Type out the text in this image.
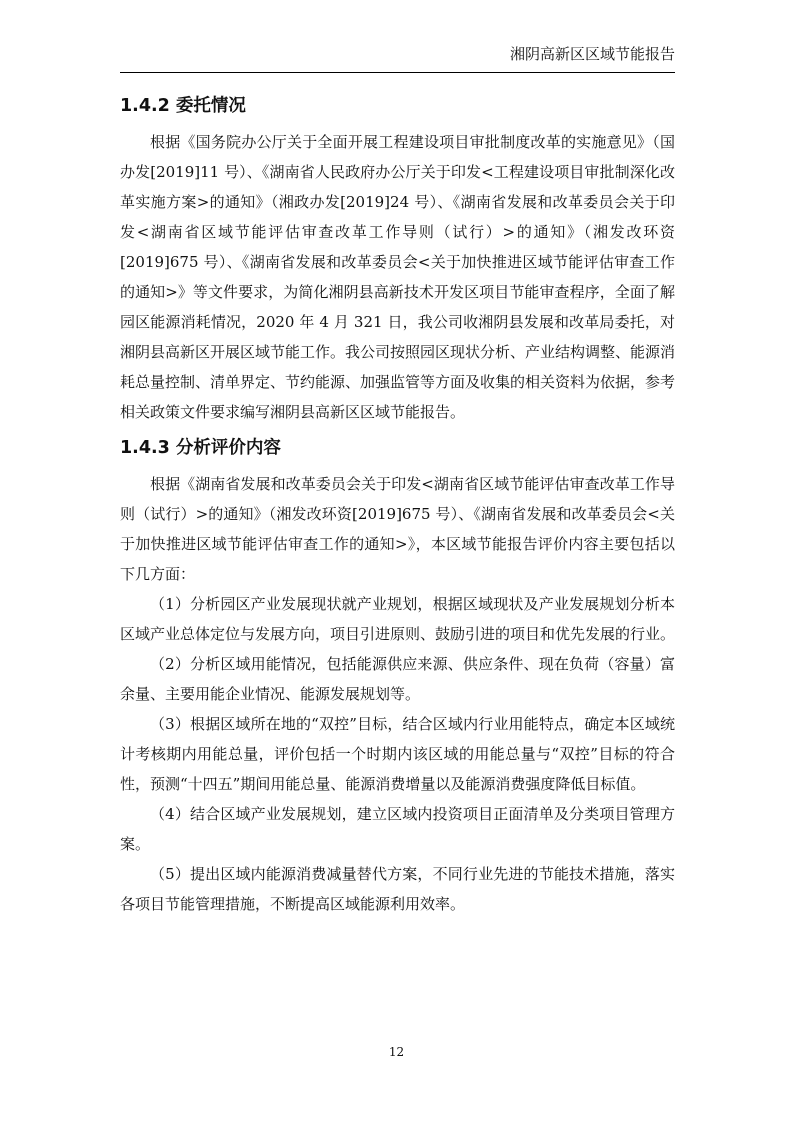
湘阴高新区区域节能报告
1.4.2 委托情况

根据《国务院办公厅关于全面开展工程建设项目审批制度改革的实施意见》（国办发[2019]11 号）、《湖南省人民政府办公厅关于印发<工程建设项目审批制深化改革实施方案>的通知》（湘政办发[2019]24 号）、《湖南省发展和改革委员会关于印发<湖南省区域节能评估审查改革工作导则（试行）>的通知》（湘发改环资[2019]675 号）、《湖南省发展和改革委员会<关于加快推进区域节能评估审查工作的通知>》等文件要求，为简化湘阴县高新技术开发区项目节能审查程序，全面了解园区能源消耗情况，2020 年 4 月 321 日，我公司收湘阴县发展和改革局委托，对湘阴县高新区开展区域节能工作。我公司按照园区现状分析、产业结构调整、能源消耗总量控制、清单界定、节约能源、加强监管等方面及收集的相关资料为依据，参考相关政策文件要求编写湘阴县高新区区域节能报告。

1.4.3 分析评价内容

根据《湖南省发展和改革委员会关于印发<湖南省区域节能评估审查改革工作导则（试行）>的通知》（湘发改环资[2019]675 号）、《湖南省发展和改革委员会<关于加快推进区域节能评估审查工作的通知>》，本区域节能报告评价内容主要包括以下几方面：

（1）分析园区产业发展现状就产业规划，根据区域现状及产业发展规划分析本区域产业总体定位与发展方向，项目引进原则、鼓励引进的项目和优先发展的行业。

（2）分析区域用能情况，包括能源供应来源、供应条件、现在负荷（容量）富余量、主要用能企业情况、能源发展规划等。

（3）根据区域所在地的“双控”目标，结合区域内行业用能特点，确定本区域统计考核期内用能总量，评价包括一个时期内该区域的用能总量与“双控”目标的符合性，预测“十四五”期间用能总量、能源消费增量以及能源消费强度降低目标值。

（4）结合区域产业发展规划，建立区域内投资项目正面清单及分类项目管理方案。

（5）提出区域内能源消费减量替代方案，不同行业先进的节能技术措施，落实各项目节能管理措施，不断提高区域能源利用效率。

12
